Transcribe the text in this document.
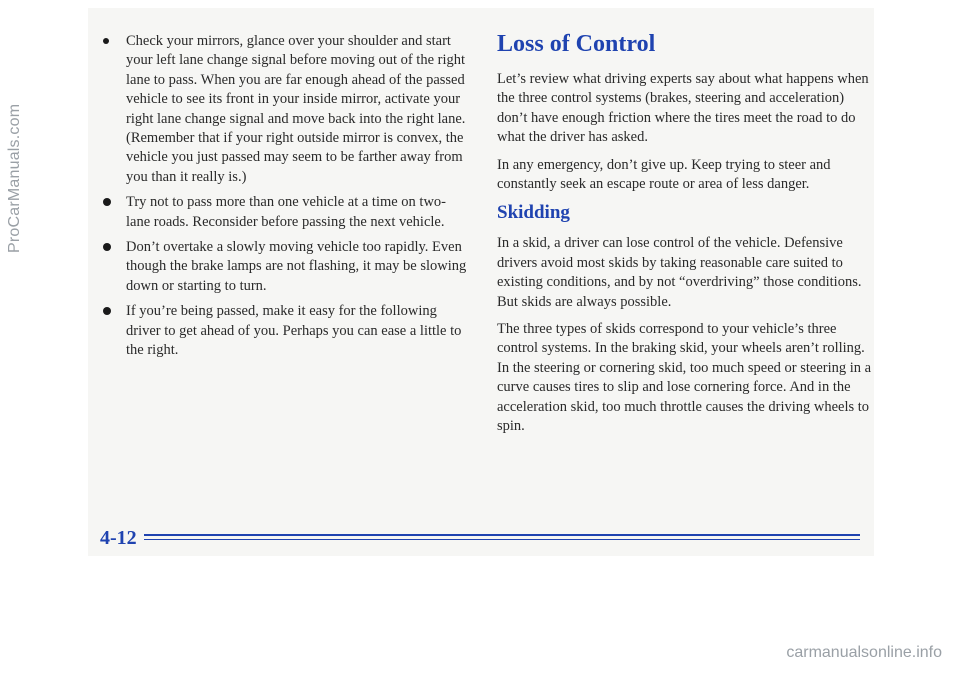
Check your mirrors, glance over your shoulder and start your left lane change signal before moving out of the right lane to pass. When you are far enough ahead of the passed vehicle to see its front in your inside mirror, activate your right lane change signal and move back into the right lane. (Remember that if your right outside mirror is convex, the vehicle you just passed may seem to be farther away from you than it really is.)
Try not to pass more than one vehicle at a time on two-lane roads. Reconsider before passing the next vehicle.
Don’t overtake a slowly moving vehicle too rapidly. Even though the brake lamps are not flashing, it may be slowing down or starting to turn.
If you’re being passed, make it easy for the following driver to get ahead of you. Perhaps you can ease a little to the right.
Loss of Control

Let’s review what driving experts say about what happens when the three control systems (brakes, steering and acceleration) don’t have enough friction where the tires meet the road to do what the driver has asked.

In any emergency, don’t give up. Keep trying to steer and constantly seek an escape route or area of less danger.

Skidding

In a skid, a driver can lose control of the vehicle. Defensive drivers avoid most skids by taking reasonable care suited to existing conditions, and by not “overdriving” those conditions. But skids are always possible.

The three types of skids correspond to your vehicle’s three control systems. In the braking skid, your wheels aren’t rolling. In the steering or cornering skid, too much speed or steering in a curve causes tires to slip and lose cornering force. And in the acceleration skid, too much throttle causes the driving wheels to spin.

4-12
ProCarManuals.com
carmanualsonline.info
